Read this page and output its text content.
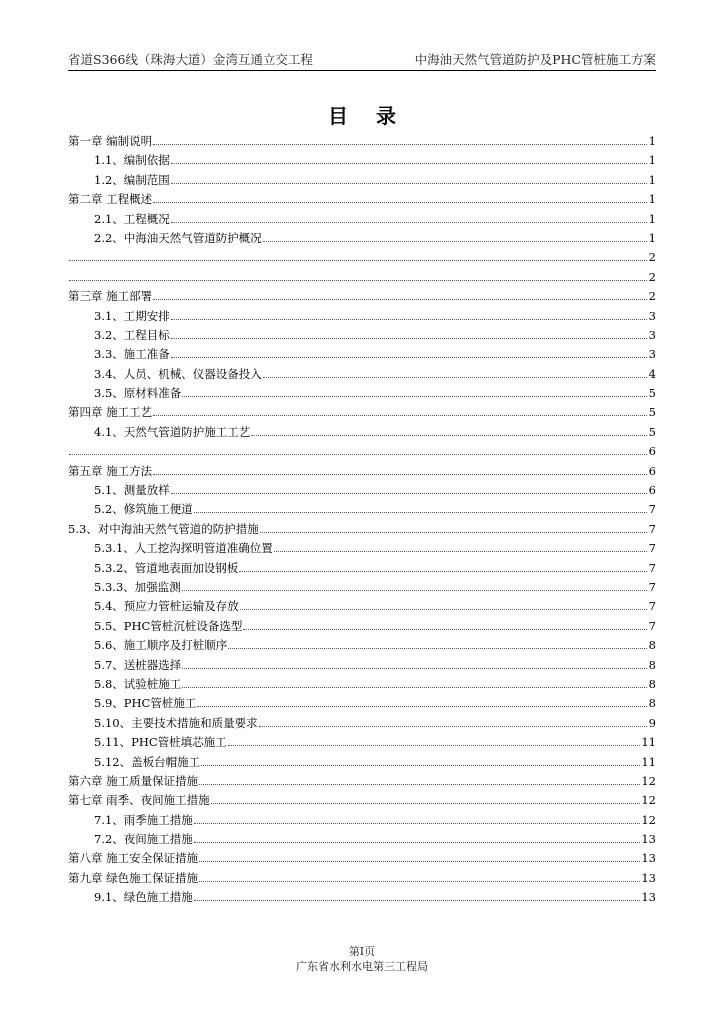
省道S366线（珠海大道）金湾互通立交工程	中海油天然气管道防护及PHC管桩施工方案
目录
第一章 编制说明	1
1.1、编制依据	1
1.2、编制范围	1
第二章 工程概述	1
2.1、工程概况	1
2.2、中海油天然气管道防护概况	1
2
2
第三章 施工部署	2
3.1、工期安排	3
3.2、工程目标	3
3.3、施工准备	3
3.4、人员、机械、仪器设备投入	4
3.5、原材料准备	5
第四章 施工工艺	5
4.1、天然气管道防护施工工艺	5
6
第五章 施工方法	6
5.1、测量放样	6
5.2、修筑施工便道	7
5.3、对中海油天然气管道的防护措施	7
5.3.1、人工挖沟探明管道准确位置	7
5.3.2、管道地表面加设钢板	7
5.3.3、加强监测	7
5.4、预应力管桩运输及存放	7
5.5、PHC管桩沉桩设备选型	7
5.6、施工顺序及打桩顺序	8
5.7、送桩器选择	8
5.8、试验桩施工	8
5.9、PHC管桩施工	8
5.10、主要技术措施和质量要求	9
5.11、PHC管桩填芯施工	11
5.12、盖板台帽施工	11
第六章 施工质量保证措施	12
第七章 雨季、夜间施工措施	12
7.1、雨季施工措施	12
7.2、夜间施工措施	13
第八章 施工安全保证措施	13
第九章 绿色施工保证措施	13
9.1、绿色施工措施	13
第I页
广东省水利水电第三工程局
